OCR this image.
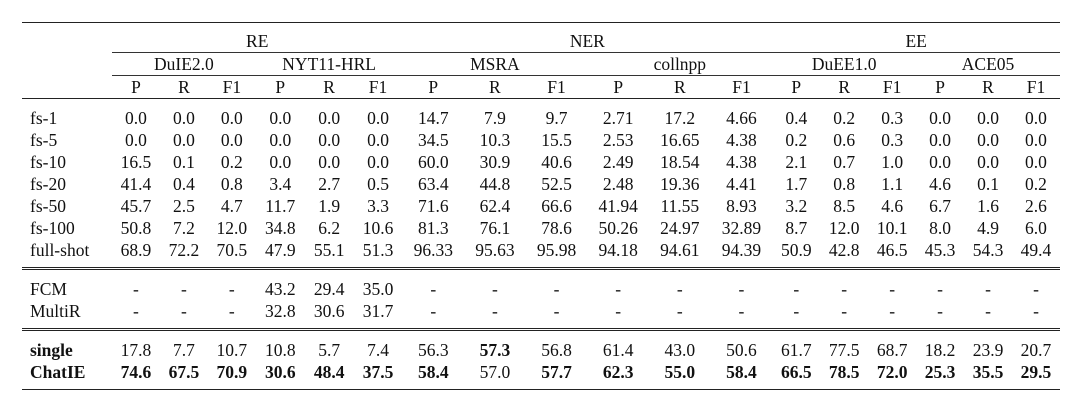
	RE						NER						EE					
	DuIE2.0			NYT11-HRL			MSRA			collnpp			DuEE1.0			ACE05		
	P	R	F1	P	R	F1	P	R	F1	P	R	F1	P	R	F1	P	R	F1
fs-1	0.0	0.0	0.0	0.0	0.0	0.0	14.7	7.9	9.7	2.71	17.2	4.66	0.4	0.2	0.3	0.0	0.0	0.0
fs-5	0.0	0.0	0.0	0.0	0.0	0.0	34.5	10.3	15.5	2.53	16.65	4.38	0.2	0.6	0.3	0.0	0.0	0.0
fs-10	16.5	0.1	0.2	0.0	0.0	0.0	60.0	30.9	40.6	2.49	18.54	4.38	2.1	0.7	1.0	0.0	0.0	0.0
fs-20	41.4	0.4	0.8	3.4	2.7	0.5	63.4	44.8	52.5	2.48	19.36	4.41	1.7	0.8	1.1	4.6	0.1	0.2
fs-50	45.7	2.5	4.7	11.7	1.9	3.3	71.6	62.4	66.6	41.94	11.55	8.93	3.2	8.5	4.6	6.7	1.6	2.6
fs-100	50.8	7.2	12.0	34.8	6.2	10.6	81.3	76.1	78.6	50.26	24.97	32.89	8.7	12.0	10.1	8.0	4.9	6.0
full-shot	68.9	72.2	70.5	47.9	55.1	51.3	96.33	95.63	95.98	94.18	94.61	94.39	50.9	42.8	46.5	45.3	54.3	49.4
FCM	-	-	-	43.2	29.4	35.0	-	-	-	-	-	-	-	-	-	-	-	-
MultiR	-	-	-	32.8	30.6	31.7	-	-	-	-	-	-	-	-	-	-	-	-
single	17.8	7.7	10.7	10.8	5.7	7.4	56.3	57.3	56.8	61.4	43.0	50.6	61.7	77.5	68.7	18.2	23.9	20.7
ChatIE	74.6	67.5	70.9	30.6	48.4	37.5	58.4	57.0	57.7	62.3	55.0	58.4	66.5	78.5	72.0	25.3	35.5	29.5
